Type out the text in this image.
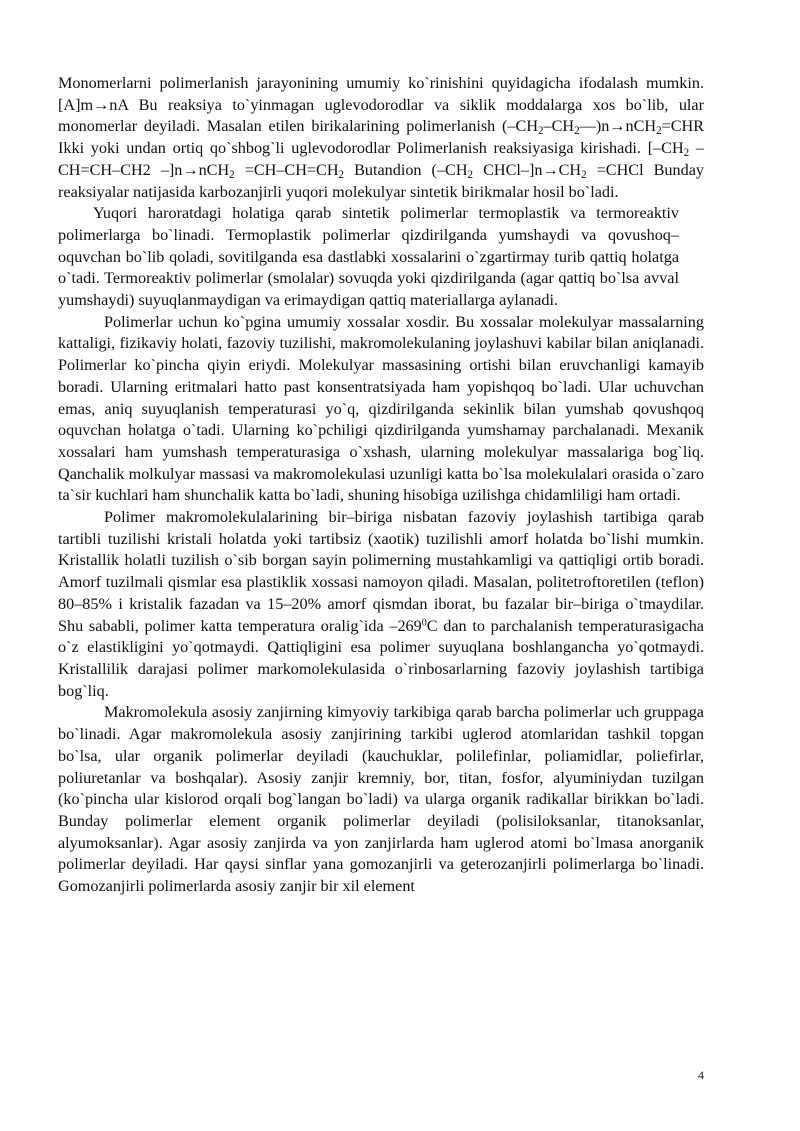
Monomerlarni polimerlanish jarayonining umumiy ko`rinishini quyidagicha ifodalash mumkin. [A]m→nA Bu reaksiya to`yinmagan uglevodorodlar va siklik moddalarga xos bo`lib, ular monomerlar deyiladi. Masalan etilen birikalarining polimerlanish $(-CH_2-CH_2—)n\to nCH_2=CHR$ Ikki yoki undan ortiq qo`shbog`li uglevodorodlar Polimerlanish reaksiyasiga kirishadi. [$-CH_2$ –CH=CH–CH2 $-]n\to nCH_2 =CH-CH=CH_2$ Butandion ($-CH_2$ CHCl–]$n\to CH_2$ =CHCl Bunday reaksiyalar natijasida karbozanjirli yuqori molekulyar sintetik birikmalar hosil bo`ladi.

Yuqori haroratdagi holatiga qarab sintetik polimerlar termoplastik va termoreaktiv polimerlarga bo`linadi. Termoplastik polimerlar qizdirilganda yumshaydi va qovushoq–oquvchan bo`lib qoladi, sovitilganda esa dastlabki xossalarini o`zgartirmay turib qattiq holatga o`tadi. Termoreaktiv polimerlar (smolalar) sovuqda yoki qizdirilganda (agar qattiq bo`lsa avval yumshaydi) suyuqlanmaydigan va erimaydigan qattiq materiallarga aylanadi.

Polimerlar uchun ko`pgina umumiy xossalar xosdir. Bu xossalar molekulyar massalarning kattaligi, fizikaviy holati, fazoviy tuzilishi, makromolekulaning joylashuvi kabilar bilan aniqlanadi. Polimerlar ko`pincha qiyin eriydi. Molekulyar massasining ortishi bilan eruvchanligi kamayib boradi. Ularning eritmalari hatto past konsentratsiyada ham yopishqoq bo`ladi. Ular uchuvchan emas, aniq suyuqlanish temperaturasi yo`q, qizdirilganda sekinlik bilan yumshab qovushqoq oquvchan holatga o`tadi. Ularning ko`pchiligi qizdirilganda yumshamay parchalanadi. Mexanik xossalari ham yumshash temperaturasiga o`xshash, ularning molekulyar massalariga bog`liq. Qanchalik molkulyar massasi va makromolekulasi uzunligi katta bo`lsa molekulalari orasida o`zaro ta`sir kuchlari ham shunchalik katta bo`ladi, shuning hisobiga uzilishga chidamliligi ham ortadi.

Polimer makromolekulalarining bir–biriga nisbatan fazoviy joylashish tartibiga qarab tartibli tuzilishi kristali holatda yoki tartibsiz (xaotik) tuzilishli amorf holatda bo`lishi mumkin. Kristallik holatli tuzilish o`sib borgan sayin polimerning mustahkamligi va qattiqligi ortib boradi. Amorf tuzilmali qismlar esa plastiklik xossasi namoyon qiladi. Masalan, politetroftoretilen (teflon) 80–85% i kristalik fazadan va 15–20% amorf qismdan iborat, bu fazalar bir–biriga o`tmaydilar. Shu sababli, polimer katta temperatura oralig`ida $-269^0C$ dan to parchalanish temperaturasigacha o`z elastikligini yo`qotmaydi. Qattiqligini esa polimer suyuqlana boshlangancha yo`qotmaydi. Kristallilik darajasi polimer markomolekulasida o`rinbosarlarning fazoviy joylashish tartibiga bog`liq.

Makromolekula asosiy zanjirning kimyoviy tarkibiga qarab barcha polimerlar uch gruppaga bo`linadi. Agar makromolekula asosiy zanjirining tarkibi uglerod atomlaridan tashkil topgan bo`lsa, ular organik polimerlar deyiladi (kauchuklar, polilefinlar, poliamidlar, poliefirlar, poliuretanlar va boshqalar). Asosiy zanjir kremniy, bor, titan, fosfor, alyuminiydan tuzilgan (ko`pincha ular kislorod orqali bog`langan bo`ladi) va ularga organik radikallar birikkan bo`ladi. Bunday polimerlar element organik polimerlar deyiladi (polisiloksanlar, titanoksanlar, alyumoksanlar). Agar asosiy zanjirda va yon zanjirlarda ham uglerod atomi bo`lmasa anorganik polimerlar deyiladi. Har qaysi sinflar yana gomozanjirli va geterozanjirli polimerlarga bo`linadi. Gomozanjirli polimerlarda asosiy zanjir bir xil element

4
